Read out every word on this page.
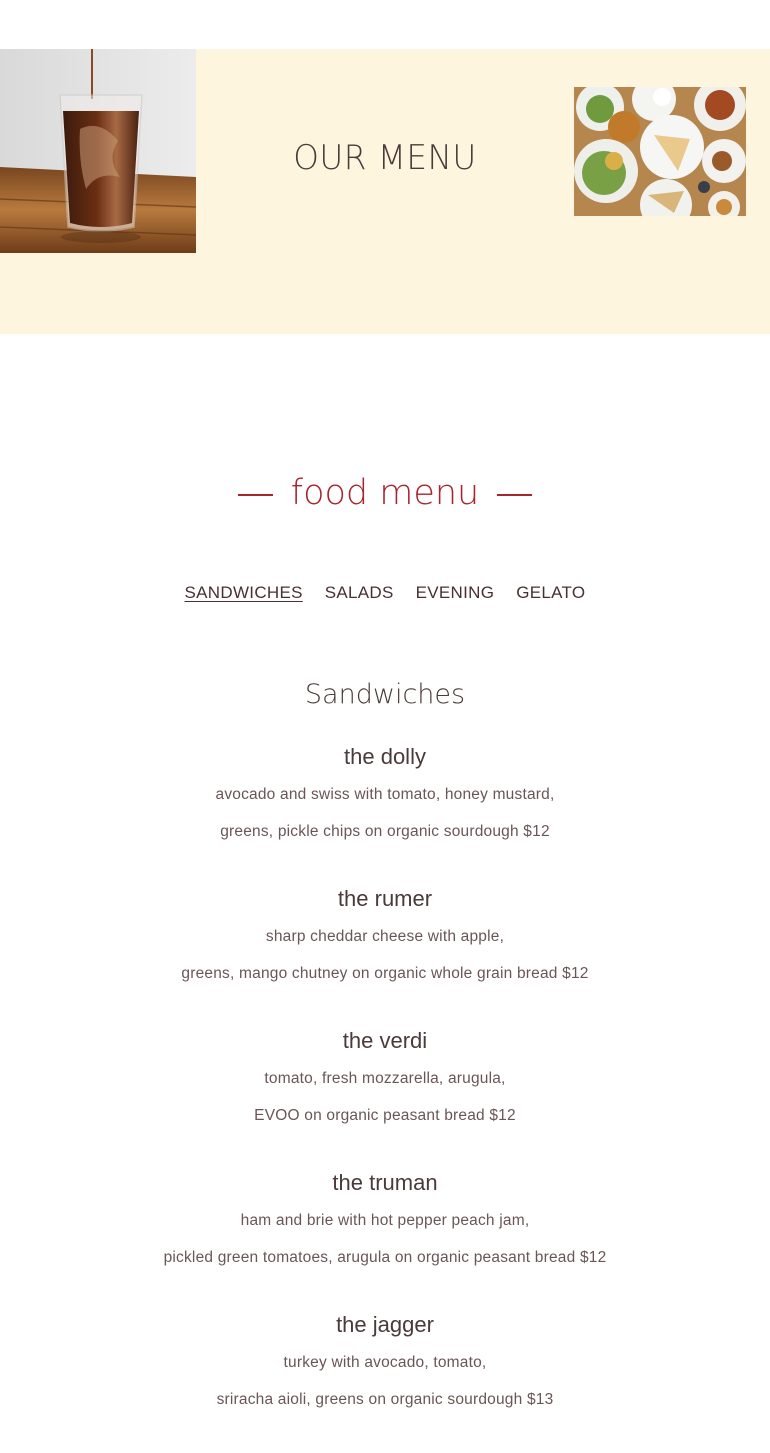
OUR MENU
food menu
SANDWICHES SALADS EVENING GELATO
Sandwiches
the dolly
avocado and swiss with tomato, honey mustard,
greens, pickle chips on organic sourdough $12
the rumer
sharp cheddar cheese with apple,
greens, mango chutney on organic whole grain bread $12
the verdi
tomato, fresh mozzarella, arugula,
EVOO on organic peasant bread $12
the truman
ham and brie with hot pepper peach jam,
pickled green tomatoes, arugula on organic peasant bread $12
the jagger
turkey with avocado, tomato,
sriracha aioli, greens on organic sourdough $13
